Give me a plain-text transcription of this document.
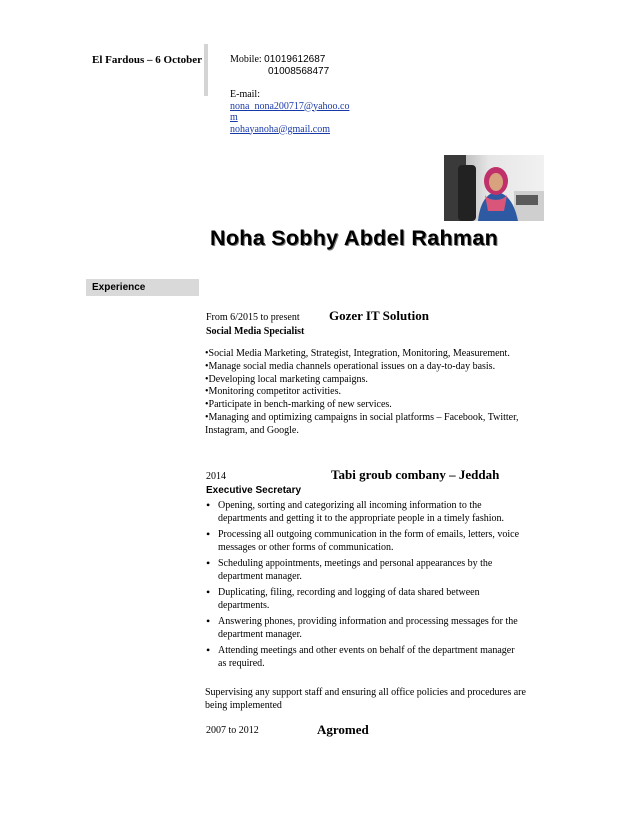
El Fardous – 6 October	Mobile: 01019612687
01008568477
E-mail:
nona_nona200717@yahoo.co
m
nohayanoha@gmail.com
Noha Sobhy Abdel Rahman
Experience
From 6/2015 to present Gozer IT Solution
Social Media Specialist
•Social Media Marketing, Strategist, Integration, Monitoring, Measurement.
•Manage social media channels operational issues on a day-to-day basis.
•Developing local marketing campaigns.
•Monitoring competitor activities.
•Participate in bench-marking of new services.
•Managing and optimizing campaigns in social platforms – Facebook, Twitter,
Instagram, and Google.
2014	Tabi groub combany – Jeddah
Executive Secretary
• Opening, sorting and categorizing all incoming information to the
departments and getting it to the appropriate people in a timely fashion.
• Processing all outgoing communication in the form of emails, letters, voice
messages or other forms of communication.
• Scheduling appointments, meetings and personal appearances by the
department manager.
• Duplicating, filing, recording and logging of data shared between
departments.
• Answering phones, providing information and processing messages for the
department manager.
• Attending meetings and other events on behalf of the department manager
as required.
Supervising any support staff and ensuring all office policies and procedures are
being implemented
2007 to 2012	Agromed
